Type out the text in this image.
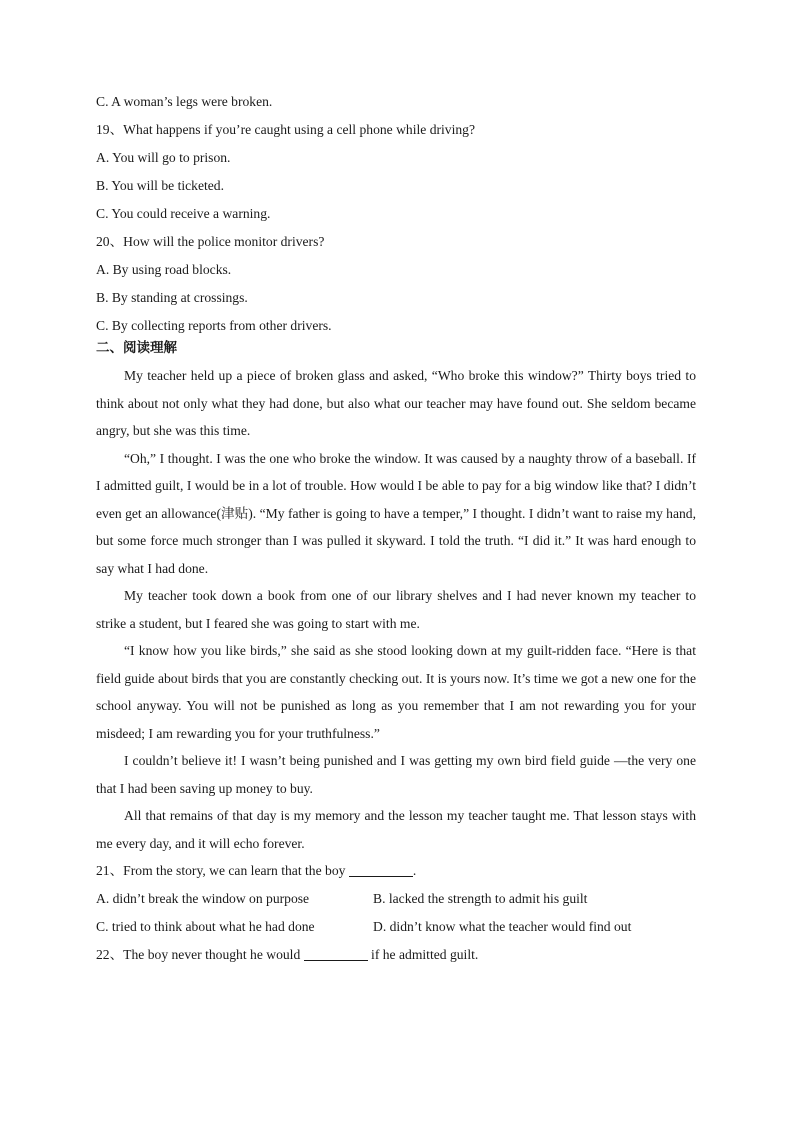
C. A woman’s legs were broken.

19、What happens if you’re caught using a cell phone while driving?

A. You will go to prison.

B. You will be ticketed.

C. You could receive a warning.

20、How will the police monitor drivers?

A. By using road blocks.

B. By standing at crossings.

C. By collecting reports from other drivers.

二、阅读理解

My teacher held up a piece of broken glass and asked, “Who broke this window?” Thirty boys tried to think about not only what they had done, but also what our teacher may have found out. She seldom became angry, but she was this time.

“Oh,” I thought. I was the one who broke the window. It was caused by a naughty throw of a baseball. If I admitted guilt, I would be in a lot of trouble. How would I be able to pay for a big window like that? I didn’t even get an allowance(津贴). “My father is going to have a temper,” I thought. I didn’t want to raise my hand, but some force much stronger than I was pulled it skyward. I told the truth. “I did it.” It was hard enough to say what I had done.

My teacher took down a book from one of our library shelves and I had never known my teacher to strike a student, but I feared she was going to start with me.

“I know how you like birds,” she said as she stood looking down at my guilt-ridden face. “Here is that field guide about birds that you are constantly checking out. It is yours now. It’s time we got a new one for the school anyway. You will not be punished as long as you remember that I am not rewarding you for your misdeed; I am rewarding you for your truthfulness.”

I couldn’t believe it! I wasn’t being punished and I was getting my own bird field guide —the very one that I had been saving up money to buy.

All that remains of that day is my memory and the lesson my teacher taught me. That lesson stays with me every day, and it will echo forever.

21、From the story, we can learn that the boy	.

A. didn’t break the window on purpose	B. lacked the strength to admit his guilt
C. tried to think about what he had done	D. didn’t know what the teacher would find out

22、The boy never thought he would	if he admitted guilt.
